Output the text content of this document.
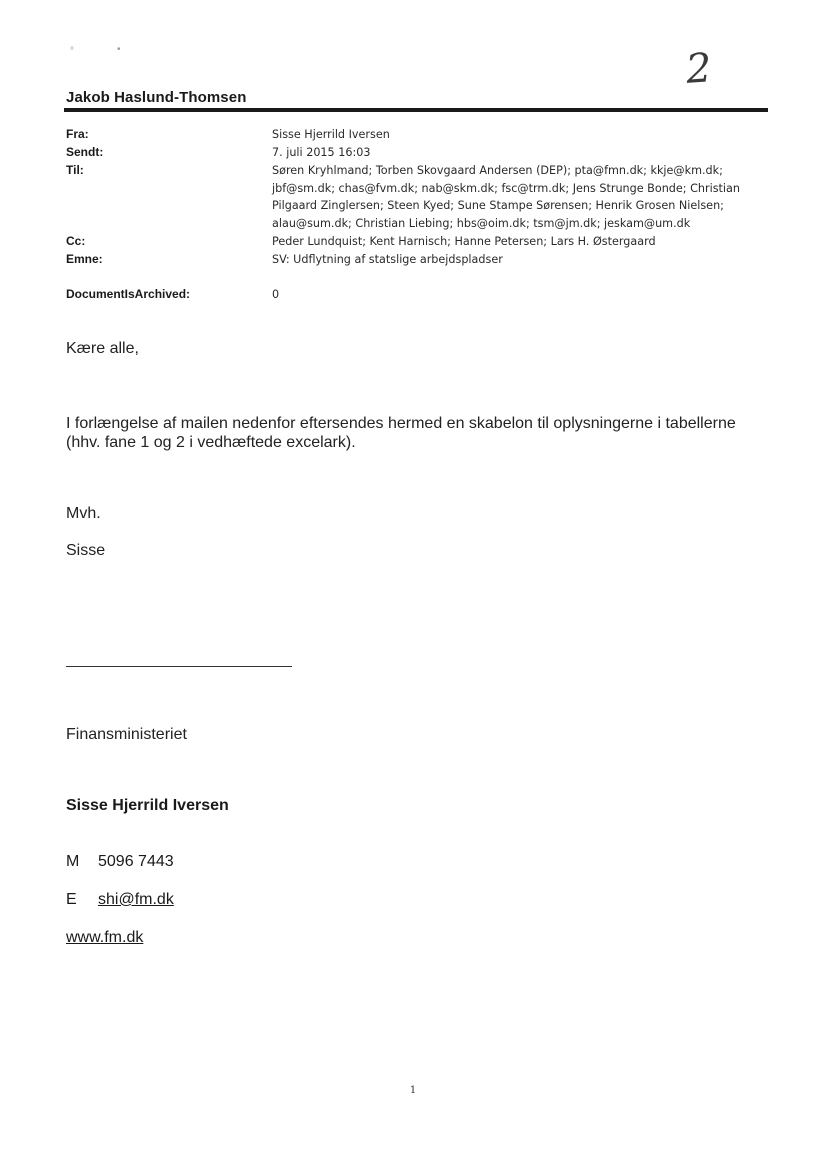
°	•	2
Jakob Haslund-Thomsen
Fra:	Sisse Hjerrild Iversen
Sendt:	7. juli 2015 16:03
Til:	Søren Kryhlmand; Torben Skovgaard Andersen (DEP); pta@fmn.dk; kkje@km.dk;
jbf@sm.dk; chas@fvm.dk; nab@skm.dk; fsc@trm.dk; Jens Strunge Bonde; Christian
Pilgaard Zinglersen; Steen Kyed; Sune Stampe Sørensen; Henrik Grosen Nielsen;
alau@sum.dk; Christian Liebing; hbs@oim.dk; tsm@jm.dk; jeskam@um.dk
Cc:	Peder Lundquist; Kent Harnisch; Hanne Petersen; Lars H. Østergaard
Emne:	SV: Udflytning af statslige arbejdspladser
DocumentIsArchived:	0
Kære alle,
I forlængelse af mailen nedenfor eftersendes hermed en skabelon til oplysningerne i tabellerne
(hhv. fane 1 og 2 i vedhæftede excelark).
Mvh.
Sisse
Finansministeriet
Sisse Hjerrild Iversen
M 5096 7443
E shi@fm.dk
www.fm.dk
1
